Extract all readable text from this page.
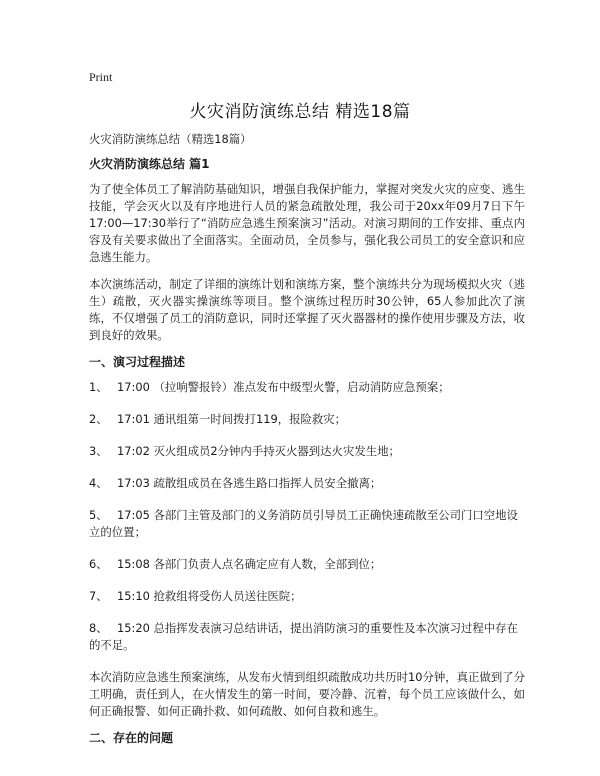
Print
火灾消防演练总结 精选18篇

火灾消防演练总结（精选18篇）

火灾消防演练总结 篇1

为了使全体员工了解消防基础知识，增强自我保护能力，掌握对突发火灾的应变、逃生技能，学会灭火以及有序地进行人员的紧急疏散处理，我公司于20xx年09月7日下午17:00—17:30举行了“消防应急逃生预案演习”活动。对演习期间的工作安排、重点内容及有关要求做出了全面落实。全面动员，全员参与，强化我公司员工的安全意识和应急逃生能力。

本次演练活动，制定了详细的演练计划和演练方案，整个演练共分为现场模拟火灾（逃生）疏散，灭火器实操演练等项目。整个演练过程历时30公钟，65人参加此次了演练，不仅增强了员工的消防意识，同时还掌握了灭火器器材的操作使用步骤及方法，收到良好的效果。

一、演习过程描述

1、 17:00 （拉响警报铃）准点发布中级型火警，启动消防应急预案；

2、 17:01 通讯组第一时间拨打119，报险救灾；

3、 17:02 灭火组成员2分钟内手持灭火器到达火灾发生地；

4、 17:03 疏散组成员在各逃生路口指挥人员安全撤离；

5、 17:05 各部门主管及部门的义务消防员引导员工正确快速疏散至公司门口空地设立的位置；

6、 15:08 各部门负责人点名确定应有人数，全部到位；

7、 15:10 抢救组将受伤人员送往医院；

8、 15:20 总指挥发表演习总结讲话，提出消防演习的重要性及本次演习过程中存在的不足。

本次消防应急逃生预案演练，从发布火情到组织疏散成功共历时10分钟，真正做到了分工明确，责任到人，在火情发生的第一时间，要冷静、沉着，每个员工应该做什么，如何正确报警、如何正确扑救、如何疏散、如何自救和逃生。

二、存在的问题
